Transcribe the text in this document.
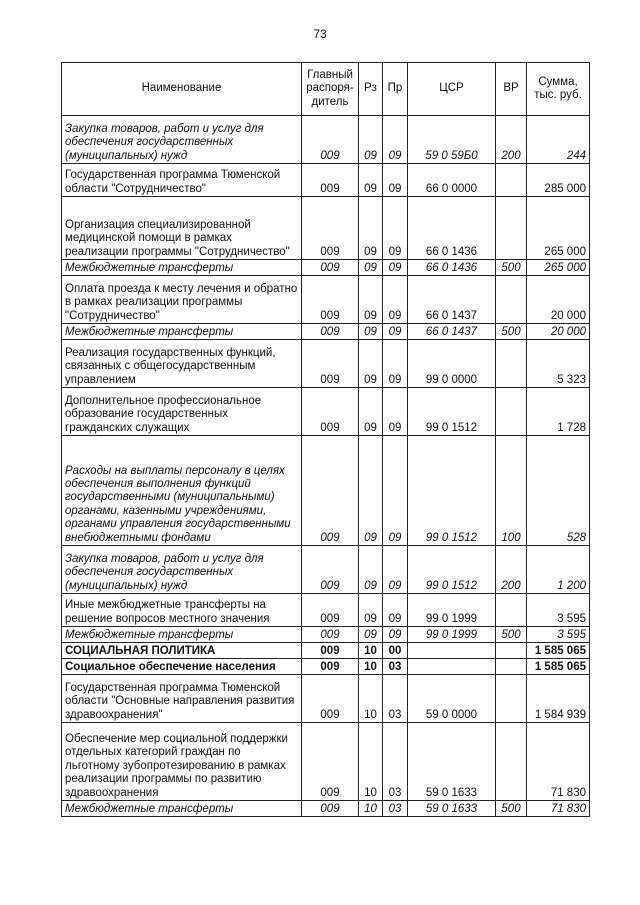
73
Наименование	Главный распоря-дитель	Рз	Пр	ЦСР	ВР	Сумма, тыс. руб.
Закупка товаров, работ и услуг для обеспечения государственных (муниципальных) нужд	009	09	09	59 0 59Б0	200	244
Государственная программа Тюменской области "Сотрудничество"	009	09	09	66 0 0000		285 000
Организация специализированной медицинской помощи в рамках реализации программы "Сотрудничество"	009	09	09	66 0 1436		265 000
Межбюджетные трансферты	009	09	09	66 0 1436	500	265 000
Оплата проезда к месту лечения и обратно в рамках реализации программы "Сотрудничество"	009	09	09	66 0 1437		20 000
Межбюджетные трансферты	009	09	09	66 0 1437	500	20 000
Реализация государственных функций, связанных с общегосударственным управлением	009	09	09	99 0 0000		5 323
Дополнительное профессиональное образование государственных гражданских служащих	009	09	09	99 0 1512		1 728
Расходы на выплаты персоналу в целях обеспечения выполнения функций государственными (муниципальными) органами, казенными учреждениями, органами управления государственными внебюджетными фондами	009	09	09	99 0 1512	100	528
Закупка товаров, работ и услуг для обеспечения государственных (муниципальных) нужд	009	09	09	99 0 1512	200	1 200
Иные межбюджетные трансферты на решение вопросов местного значения	009	09	09	99 0 1999		3 595
Межбюджетные трансферты	009	09	09	99 0 1999	500	3 595
СОЦИАЛЬНАЯ ПОЛИТИКА	009	10	00			1 585 065
Социальное обеспечение населения	009	10	03			1 585 065
Государственная программа Тюменской области "Основные направления развития здравоохранения"	009	10	03	59 0 0000		1 584 939
Обеспечение мер социальной поддержки отдельных категорий граждан по льготному зубопротезированию в рамках реализации программы по развитию здравоохранения	009	10	03	59 0 1633		71 830
Межбюджетные трансферты	009	10	03	59 0 1633	500	71 830
